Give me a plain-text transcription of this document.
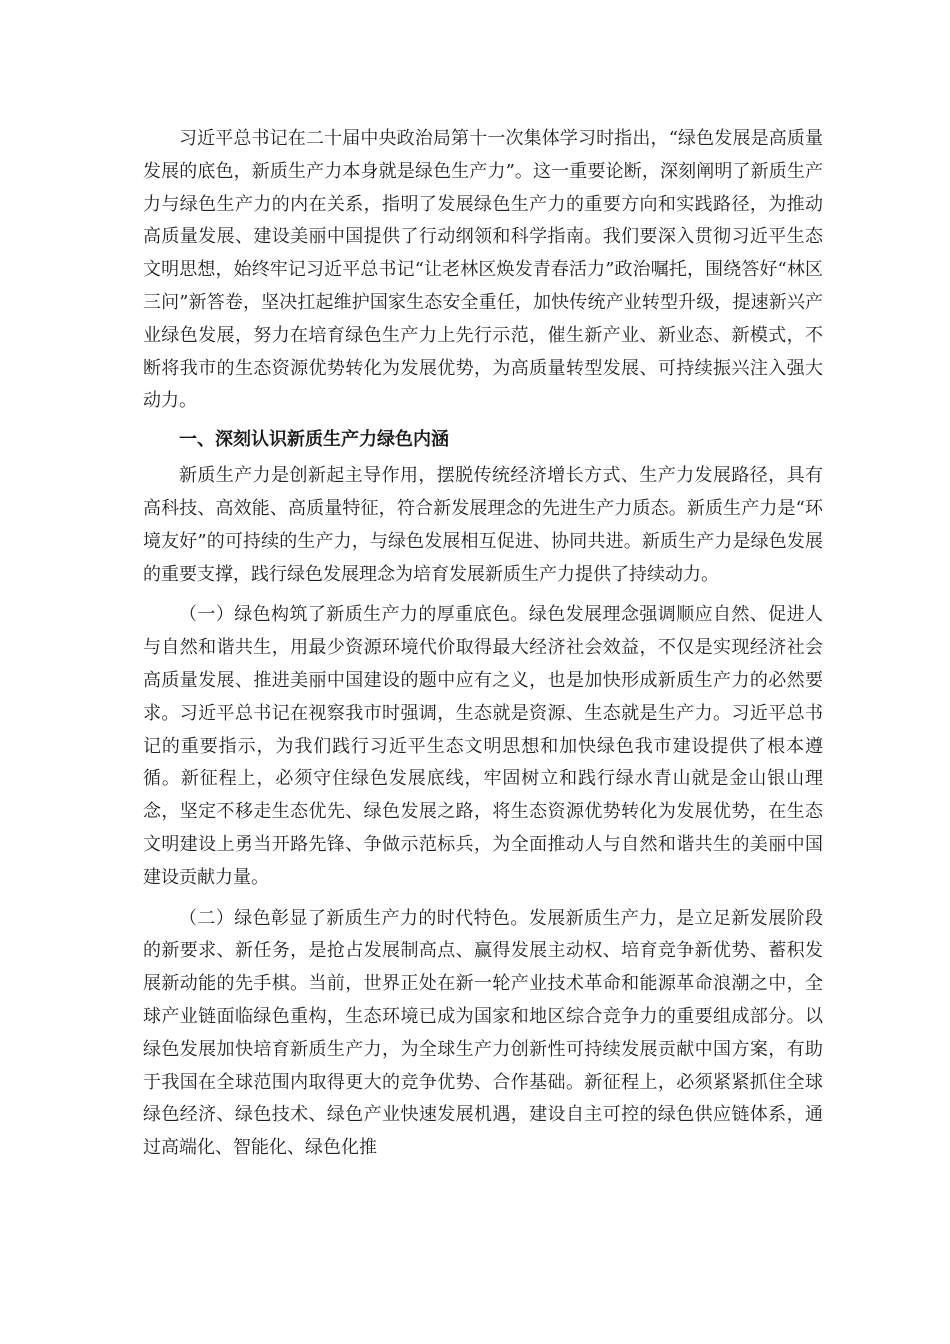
习近平总书记在二十届中央政治局第十一次集体学习时指出，“绿色发展是高质量发展的底色，新质生产力本身就是绿色生产力”。这一重要论断，深刻阐明了新质生产力与绿色生产力的内在关系，指明了发展绿色生产力的重要方向和实践路径，为推动高质量发展、建设美丽中国提供了行动纲领和科学指南。我们要深入贯彻习近平生态文明思想，始终牢记习近平总书记“让老林区焕发青春活力”政治嘱托，围绕答好“林区三问”新答卷，坚决扛起维护国家生态安全重任，加快传统产业转型升级，提速新兴产业绿色发展，努力在培育绿色生产力上先行示范，催生新产业、新业态、新模式，不断将我市的生态资源优势转化为发展优势，为高质量转型发展、可持续振兴注入强大动力。

一、深刻认识新质生产力绿色内涵

新质生产力是创新起主导作用，摆脱传统经济增长方式、生产力发展路径，具有高科技、高效能、高质量特征，符合新发展理念的先进生产力质态。新质生产力是“环境友好”的可持续的生产力，与绿色发展相互促进、协同共进。新质生产力是绿色发展的重要支撑，践行绿色发展理念为培育发展新质生产力提供了持续动力。

（一）绿色构筑了新质生产力的厚重底色。绿色发展理念强调顺应自然、促进人与自然和谐共生，用最少资源环境代价取得最大经济社会效益，不仅是实现经济社会高质量发展、推进美丽中国建设的题中应有之义，也是加快形成新质生产力的必然要求。习近平总书记在视察我市时强调，生态就是资源、生态就是生产力。习近平总书记的重要指示，为我们践行习近平生态文明思想和加快绿色我市建设提供了根本遵循。新征程上，必须守住绿色发展底线，牢固树立和践行绿水青山就是金山银山理念，坚定不移走生态优先、绿色发展之路，将生态资源优势转化为发展优势，在生态文明建设上勇当开路先锋、争做示范标兵，为全面推动人与自然和谐共生的美丽中国建设贡献力量。

（二）绿色彰显了新质生产力的时代特色。发展新质生产力，是立足新发展阶段的新要求、新任务，是抢占发展制高点、赢得发展主动权、培育竞争新优势、蓄积发展新动能的先手棋。当前，世界正处在新一轮产业技术革命和能源革命浪潮之中，全球产业链面临绿色重构，生态环境已成为国家和地区综合竞争力的重要组成部分。以绿色发展加快培育新质生产力，为全球生产力创新性可持续发展贡献中国方案，有助于我国在全球范围内取得更大的竞争优势、合作基础。新征程上，必须紧紧抓住全球绿色经济、绿色技术、绿色产业快速发展机遇，建设自主可控的绿色供应链体系，通过高端化、智能化、绿色化推
